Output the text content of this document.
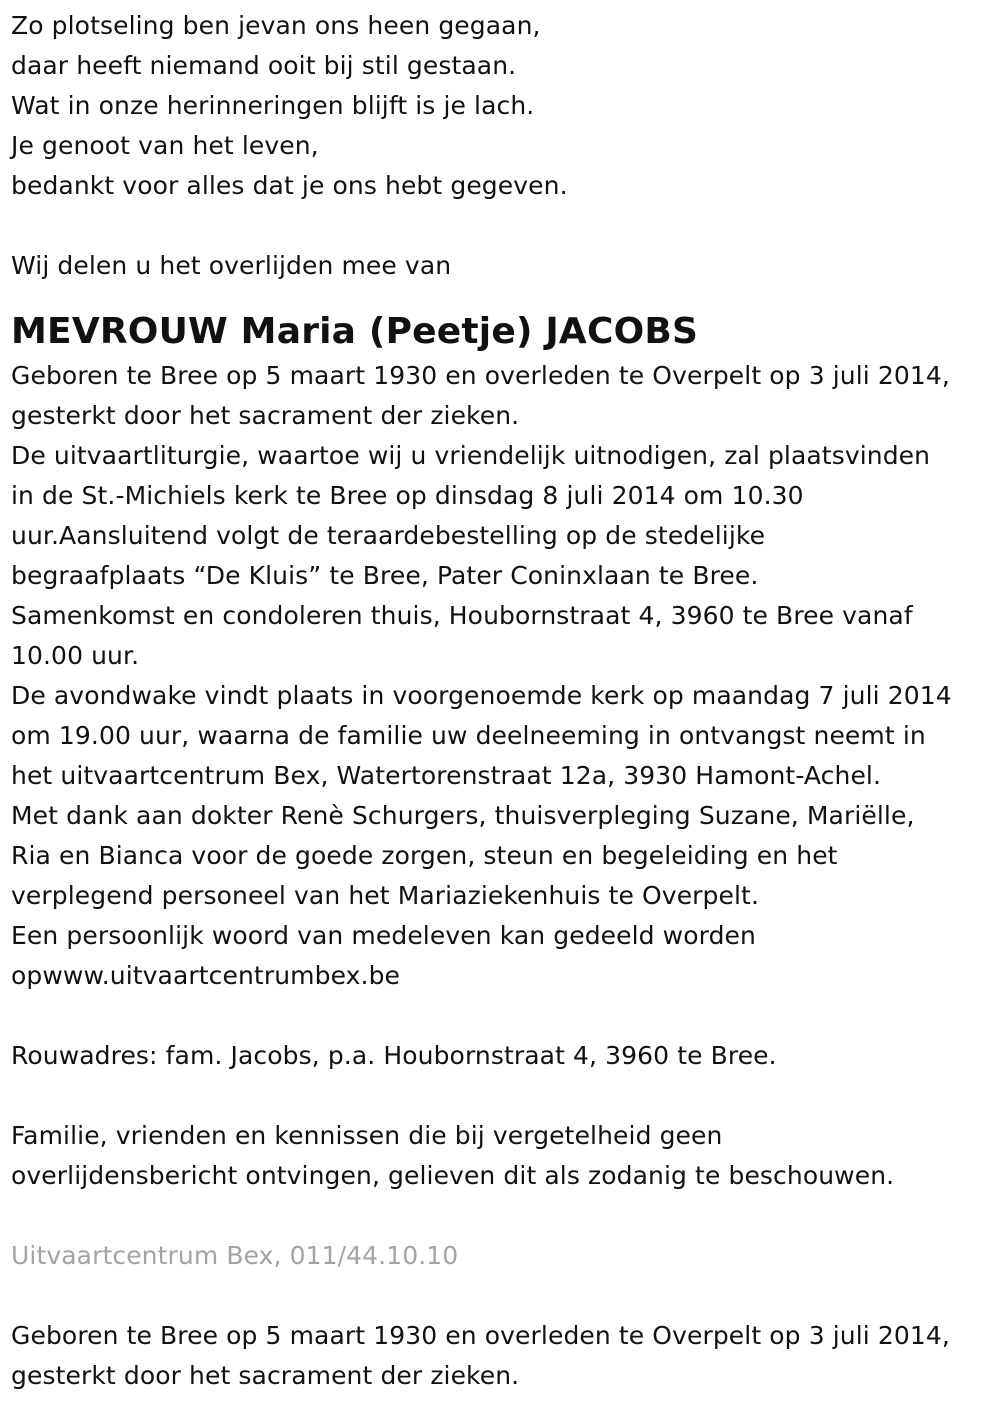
Zo plotseling ben jevan ons heen gegaan,
daar heeft niemand ooit bij stil gestaan.
Wat in onze herinneringen blijft is je lach.
Je genoot van het leven,
bedankt voor alles dat je ons hebt gegeven.
Wij delen u het overlijden mee van
MEVROUW Maria (Peetje) JACOBS
Geboren te Bree op 5 maart 1930 en overleden te Overpelt op 3 juli 2014,
gesterkt door het sacrament der zieken.
De uitvaartliturgie, waartoe wij u vriendelijk uitnodigen, zal plaatsvinden
in de St.-Michiels kerk te Bree op dinsdag 8 juli 2014 om 10.30
uur.Aansluitend volgt de teraardebestelling op de stedelijke
begraafplaats “De Kluis” te Bree, Pater Coninxlaan te Bree.
Samenkomst en condoleren thuis, Houbornstraat 4, 3960 te Bree vanaf
10.00 uur.
De avondwake vindt plaats in voorgenoemde kerk op maandag 7 juli 2014
om 19.00 uur, waarna de familie uw deelneeming in ontvangst neemt in
het uitvaartcentrum Bex, Watertorenstraat 12a, 3930 Hamont-Achel.
Met dank aan dokter Renè Schurgers, thuisverpleging Suzane, Mariëlle,
Ria en Bianca voor de goede zorgen, steun en begeleiding en het
verplegend personeel van het Mariaziekenhuis te Overpelt.
Een persoonlijk woord van medeleven kan gedeeld worden
opwww.uitvaartcentrumbex.be
Rouwadres: fam. Jacobs, p.a. Houbornstraat 4, 3960 te Bree.
Familie, vrienden en kennissen die bij vergetelheid geen
overlijdensbericht ontvingen, gelieven dit als zodanig te beschouwen.
Uitvaartcentrum Bex, 011/44.10.10
Geboren te Bree op 5 maart 1930 en overleden te Overpelt op 3 juli 2014,
gesterkt door het sacrament der zieken.
